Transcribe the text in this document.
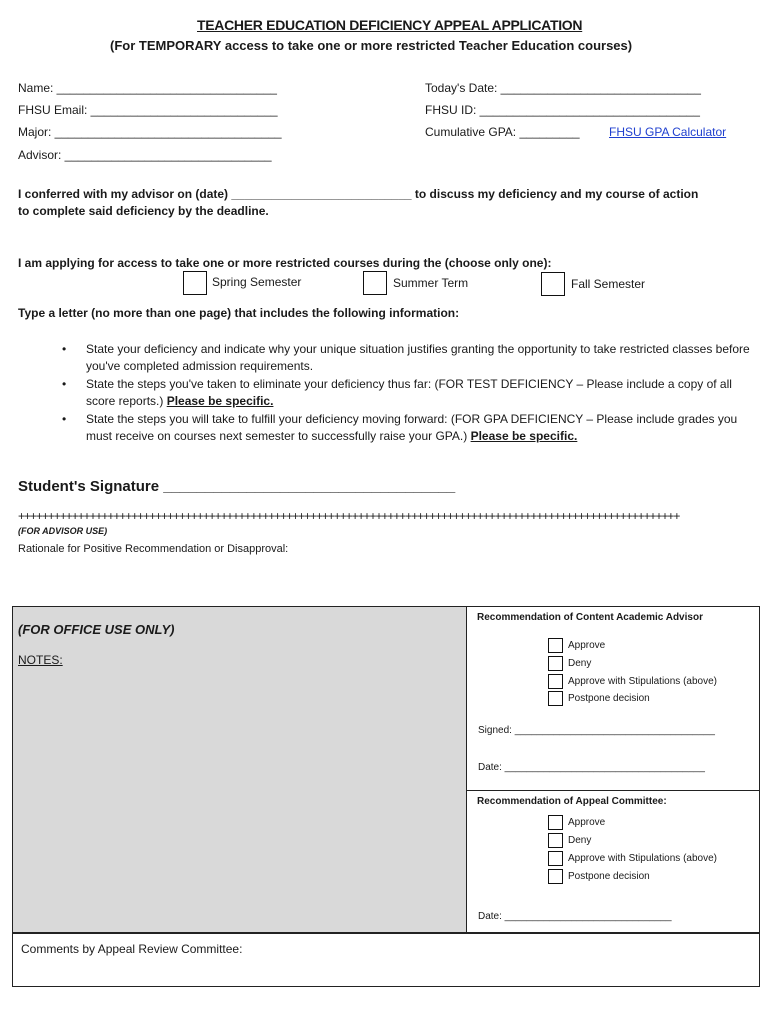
TEACHER EDUCATION DEFICIENCY APPEAL APPLICATION
(For TEMPORARY access to take one or more restricted Teacher Education courses)
Name: _________________________________	Today's Date: ______________________________
FHSU Email: ____________________________	FHSU ID: _________________________________
Major: __________________________________	Cumulative GPA: _________ FHSU GPA Calculator
Advisor: _______________________________
I conferred with my advisor on (date) ___________________________ to discuss my deficiency and my course of action
to complete said deficiency by the deadline.
I am applying for access to take one or more restricted courses during the (choose only one):
Spring Semester	Summer Term	Fall Semester
Type a letter (no more than one page) that includes the following information:
• State your deficiency and indicate why your unique situation justifies granting the opportunity to take restricted classes before you've completed admission requirements.
• State the steps you've taken to eliminate your deficiency thus far: (FOR TEST DEFICIENCY – Please include a copy of all score reports.) Please be specific.
• State the steps you will take to fulfill your deficiency moving forward: (FOR GPA DEFICIENCY – Please include grades you must receive on courses next semester to successfully raise your GPA.) Please be specific.
Student's Signature ___________________________________
+++++++++++++++++++++++++++++++++++++++++++++++++++++++++++++++++++++++++++++++++++++++++++++++++++++++++++++++
(FOR ADVISOR USE)
Rationale for Positive Recommendation or Disapproval:
(FOR OFFICE USE ONLY)
NOTES:
Recommendation of Content Academic Advisor
Approve
Deny
Approve with Stipulations (above)
Postpone decision
Signed: ____________________________________
Date: ____________________________________
Recommendation of Appeal Committee:
Approve
Deny
Approve with Stipulations (above)
Postpone decision
Date: ______________________________
Comments by Appeal Review Committee:
